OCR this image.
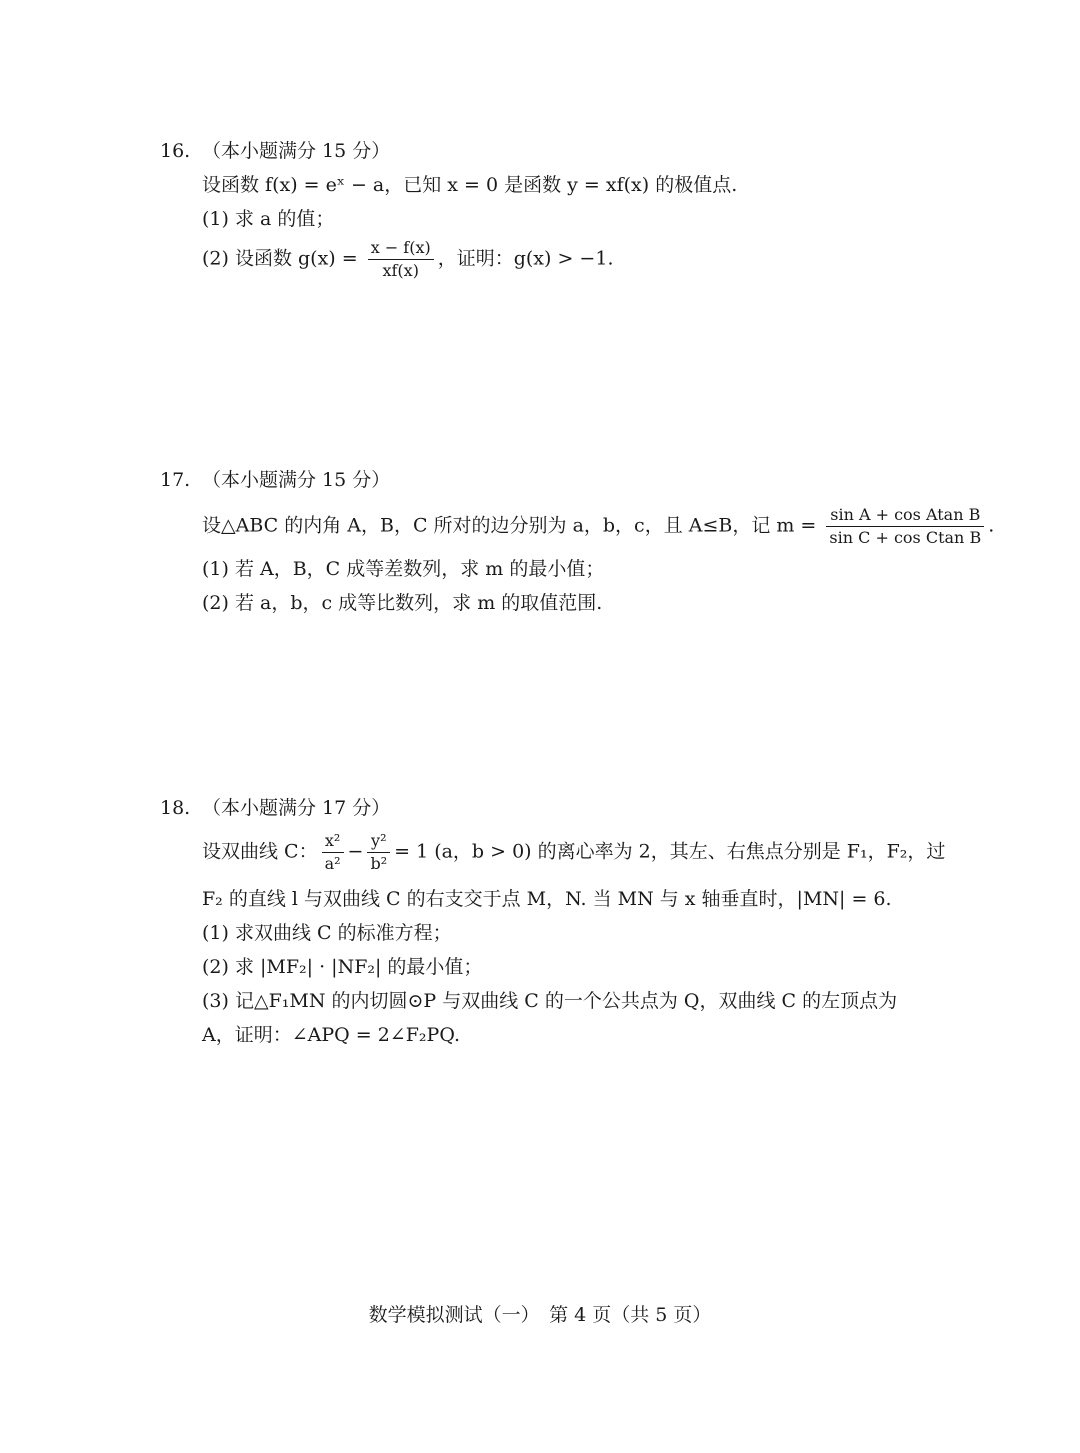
16. （本小题满分 15 分）

设函数 f(x) = eˣ − a，已知 x = 0 是函数 y = xf(x) 的极值点.
(1) 求 a 的值；
(2) 设函数 $g(x) = \frac{x - f(x)}{xf(x)}$ ，证明：g(x) > −1.

17. （本小题满分 15 分）

设△ABC 的内角 A，B，C 所对的边分别为 a，b，c，且 A≤B，记 $m = \frac{\text{sin A + cos Atan B}}{\text{sin C + cos Ctan B}}$ .
(1) 若 A，B，C 成等差数列，求 m 的最小值；
(2) 若 a，b，c 成等比数列，求 m 的取值范围.

18. （本小题满分 17 分）

设双曲线 C： $\frac{\text{x²}}{\text{a²}} - \frac{\text{y²}}{\text{b²}} = 1$ (a，b > 0) 的离心率为 2，其左、右焦点分别是 F₁，F₂，过
F₂ 的直线 l 与双曲线 C 的右支交于点 M，N. 当 MN 与 x 轴垂直时，|MN| = 6.
(1) 求双曲线 C 的标准方程；
(2) 求 |MF₂| · |NF₂| 的最小值；
(3) 记△F₁MN 的内切圆⊙P 与双曲线 C 的一个公共点为 Q，双曲线 C 的左顶点为
A，证明：∠APQ = 2∠F₂PQ.
数学模拟测试（一）　第 4 页（共 5 页）
